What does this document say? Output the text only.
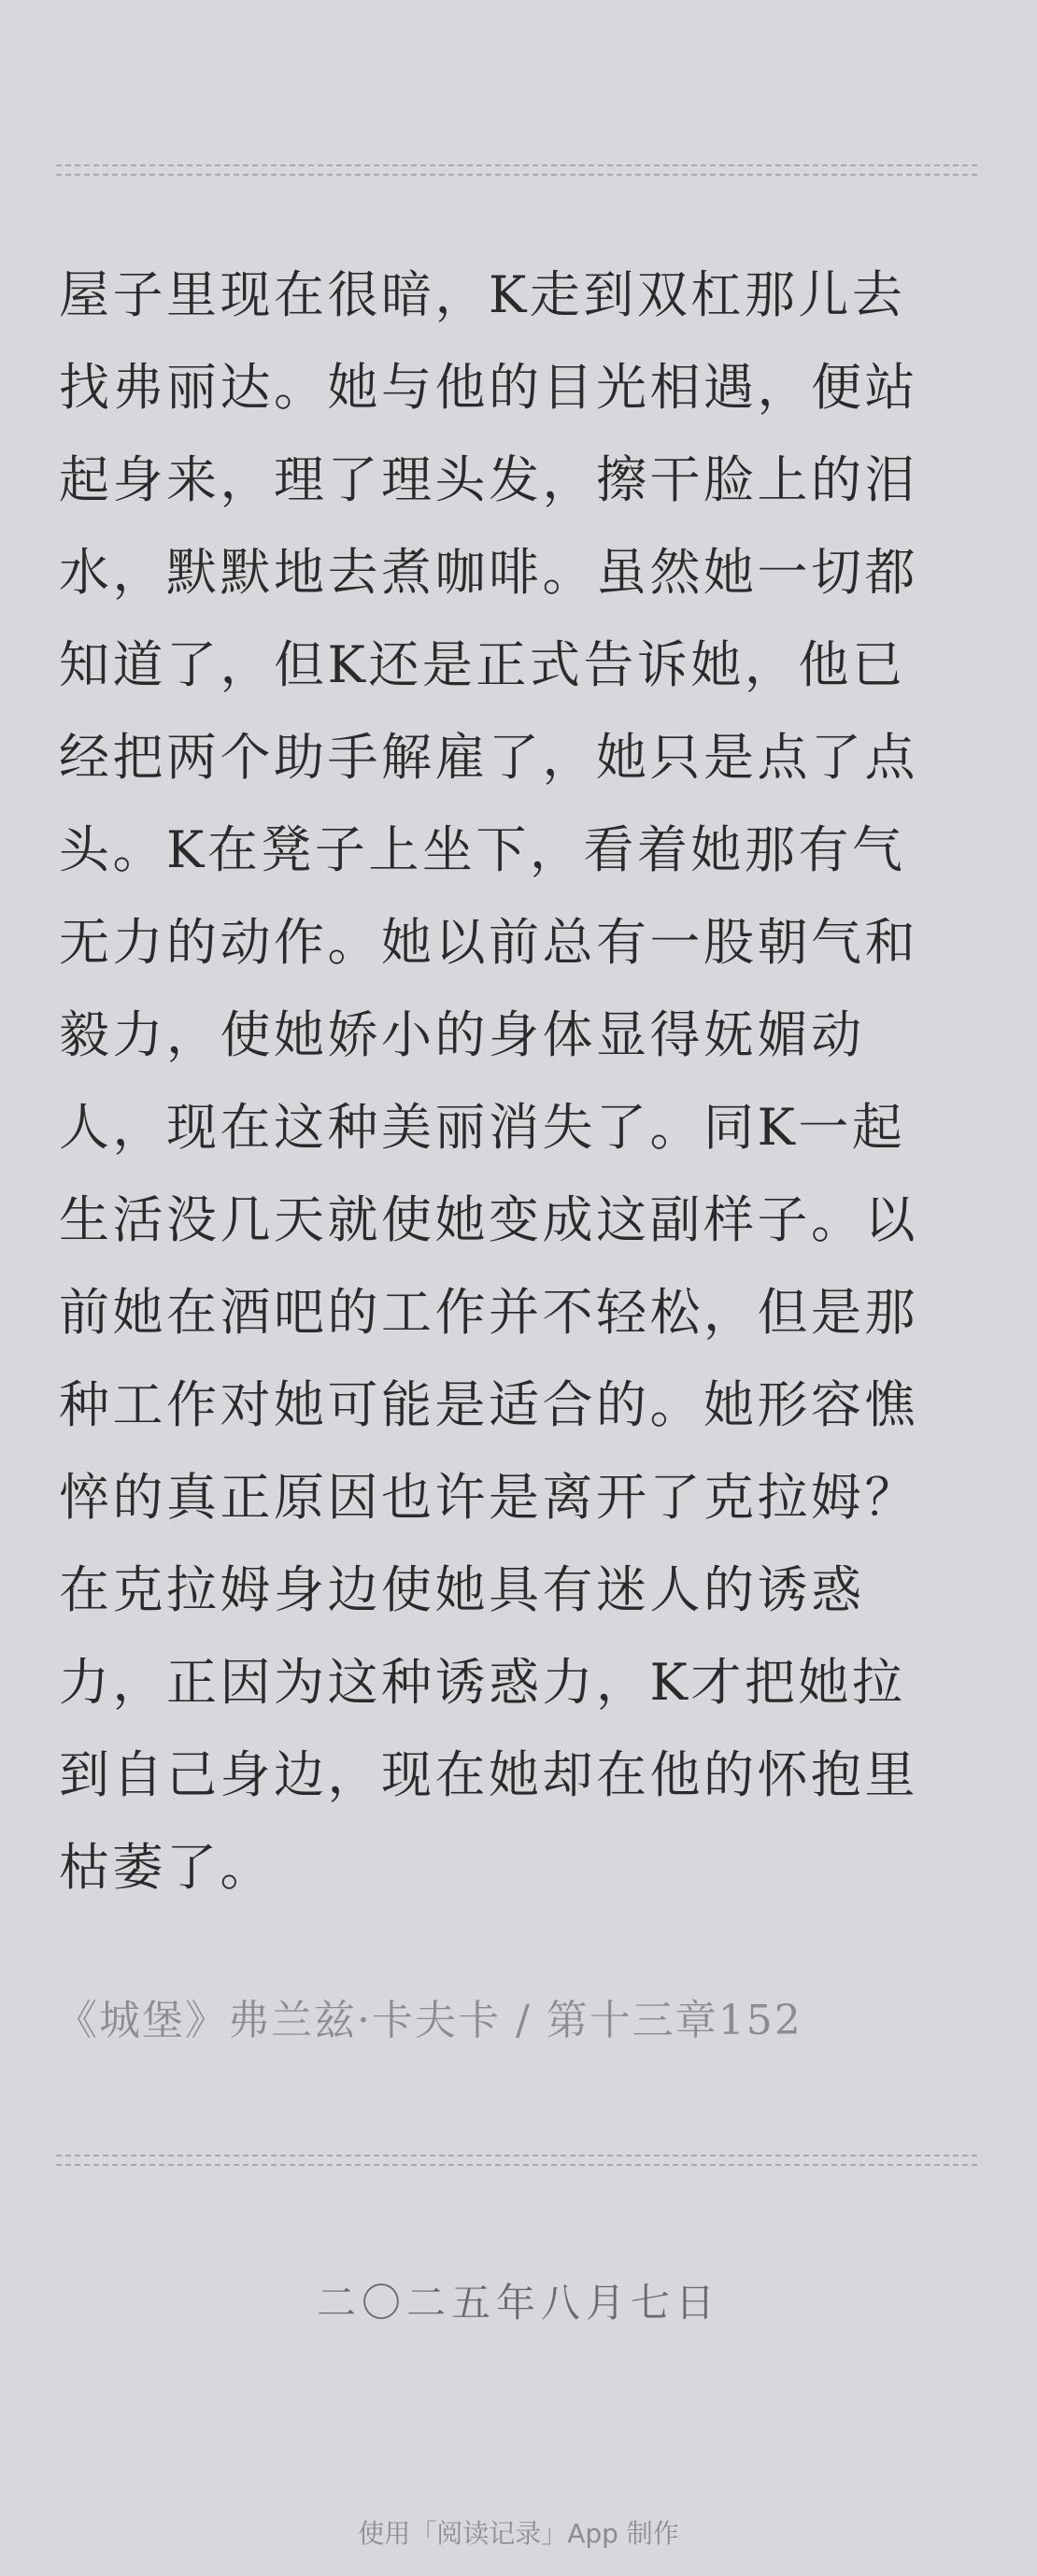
屋子里现在很暗，K走到双杠那儿去
找弗丽达。她与他的目光相遇，便站
起身来，理了理头发，擦干脸上的泪
水，默默地去煮咖啡。虽然她一切都
知道了，但K还是正式告诉她，他已
经把两个助手解雇了，她只是点了点
头。K在凳子上坐下，看着她那有气
无力的动作。她以前总有一股朝气和
毅力，使她娇小的身体显得妩媚动
人，现在这种美丽消失了。同K一起
生活没几天就使她变成这副样子。以
前她在酒吧的工作并不轻松，但是那
种工作对她可能是适合的。她形容憔
悴的真正原因也许是离开了克拉姆？
在克拉姆身边使她具有迷人的诱惑
力，正因为这种诱惑力，K才把她拉
到自己身边，现在她却在他的怀抱里
枯萎了。
《城堡》弗兰兹·卡夫卡 / 第十三章152
二〇二五年八月七日
使用「阅读记录」App 制作
